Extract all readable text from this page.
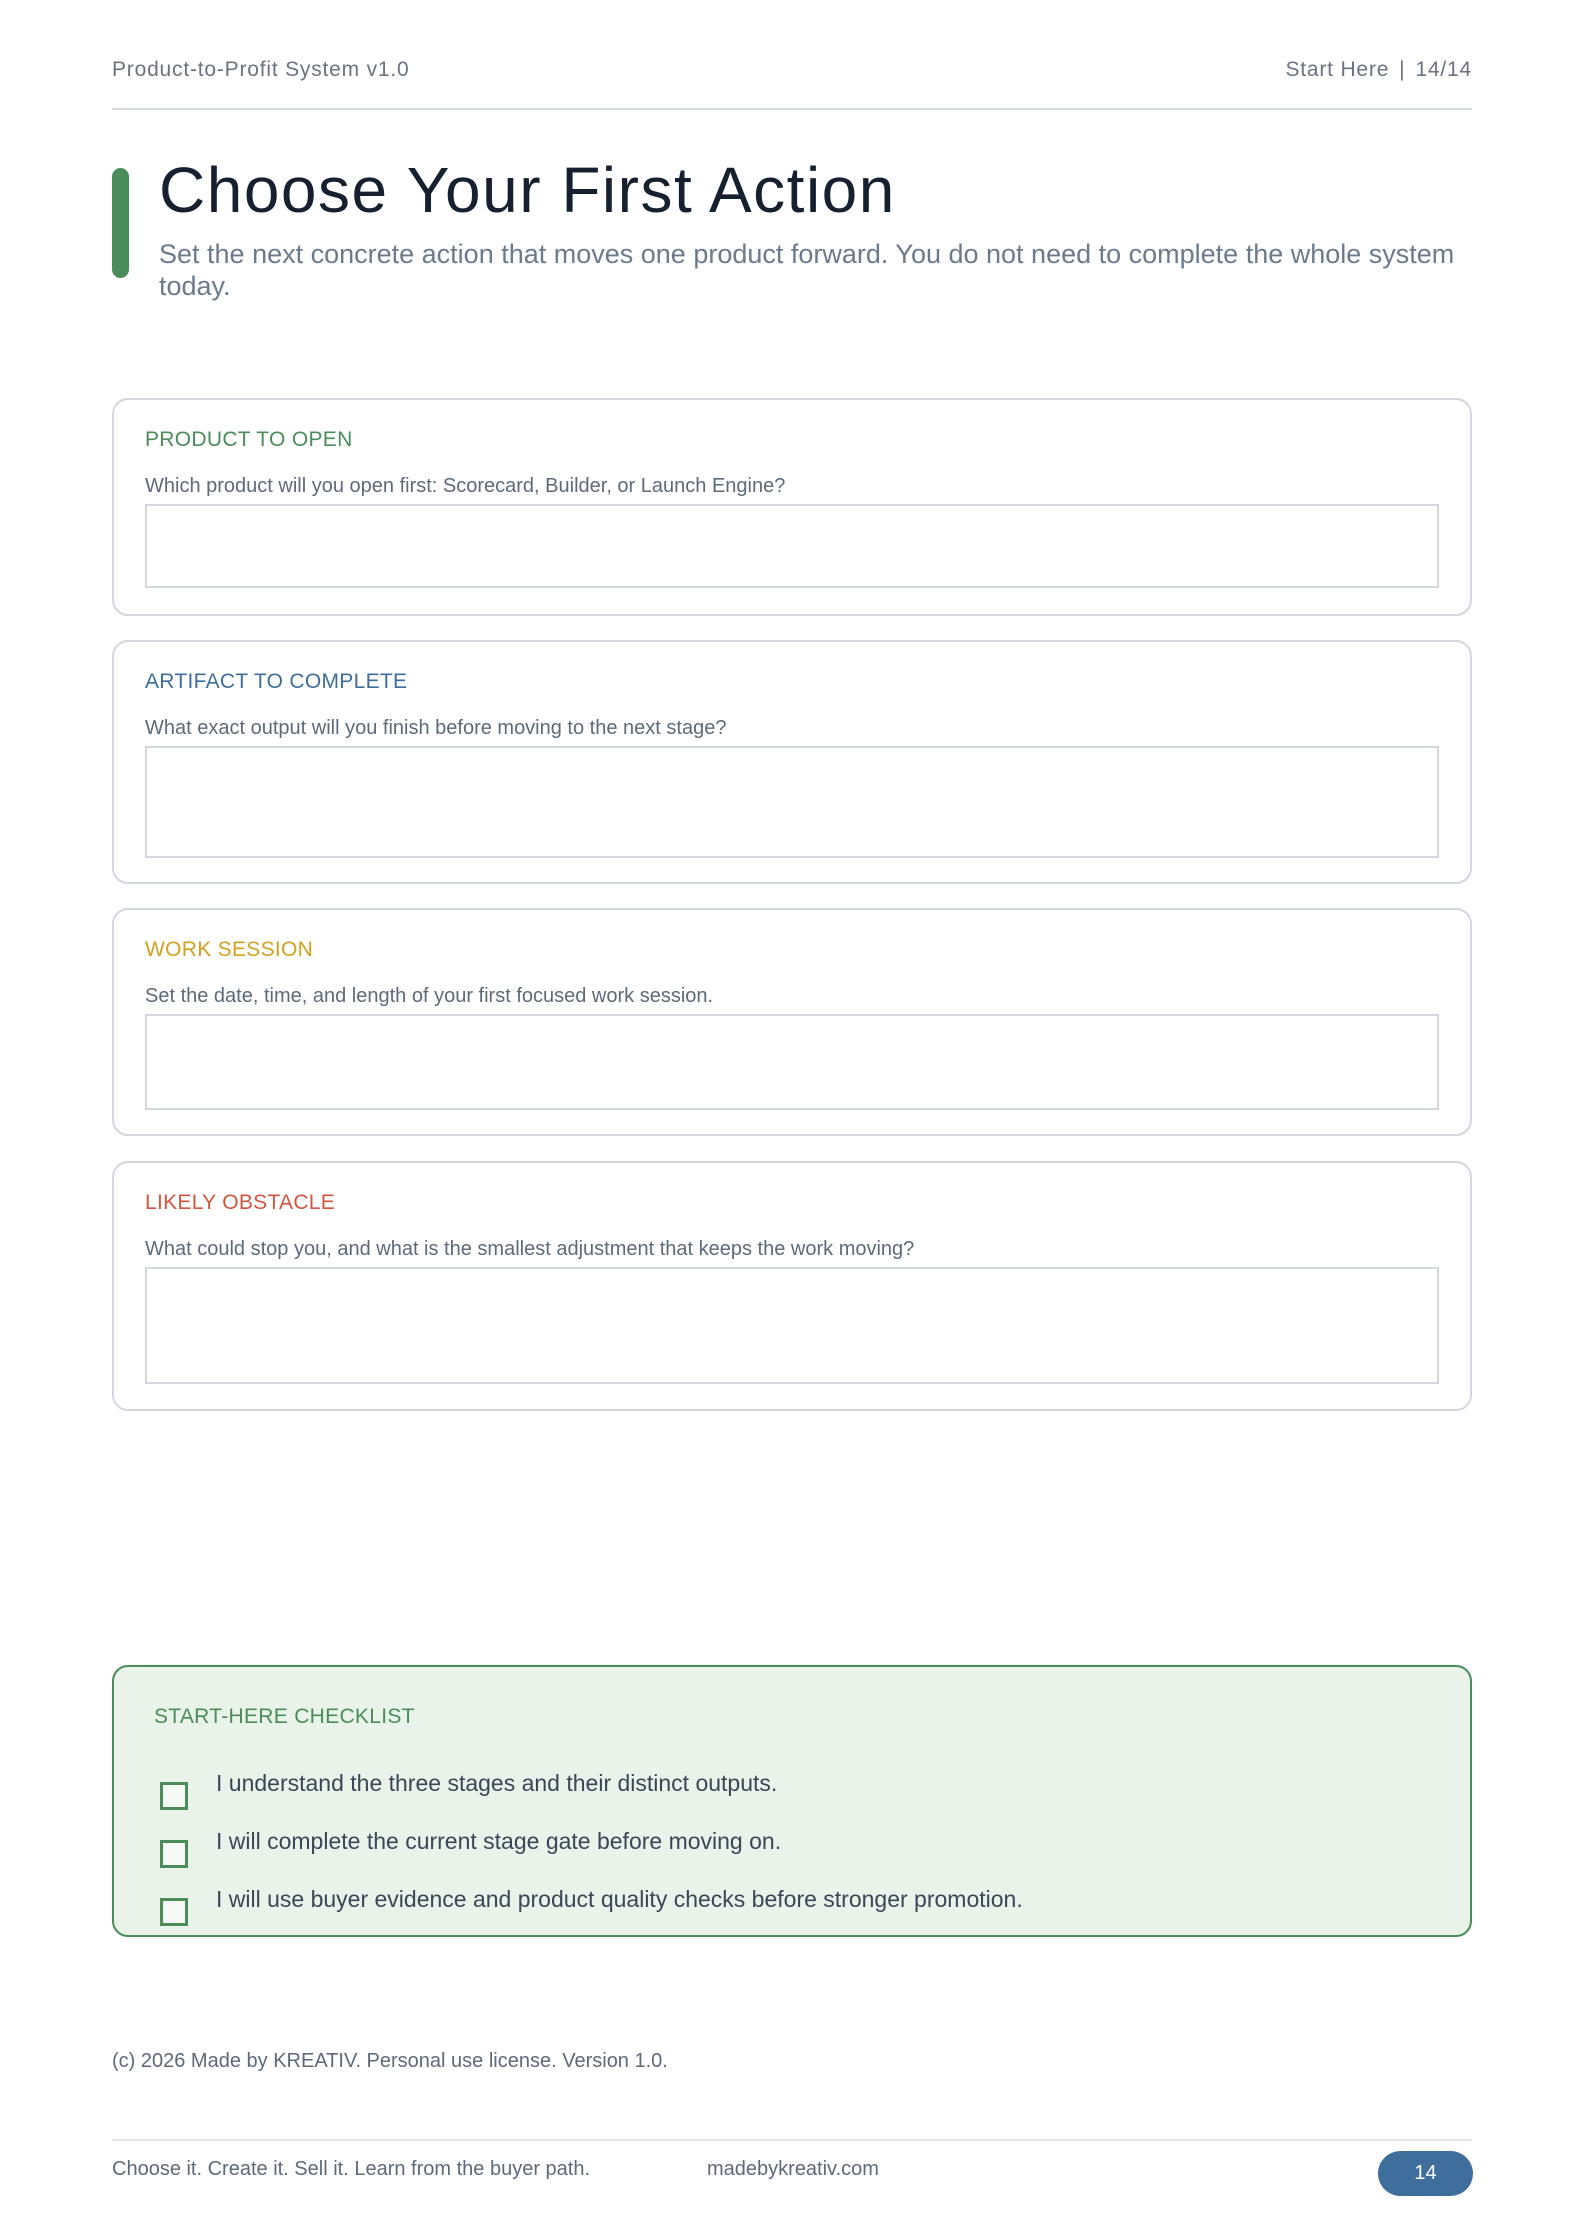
Product-to-Profit System v1.0	Start Here | 14/14
Choose Your First Action

Set the next concrete action that moves one product forward. You do not need to complete the whole system today.

PRODUCT TO OPEN
Which product will you open first: Scorecard, Builder, or Launch Engine?
ARTIFACT TO COMPLETE
What exact output will you finish before moving to the next stage?
WORK SESSION
Set the date, time, and length of your first focused work session.
LIKELY OBSTACLE
What could stop you, and what is the smallest adjustment that keeps the work moving?
START-HERE CHECKLIST
I understand the three stages and their distinct outputs.
I will complete the current stage gate before moving on.
I will use buyer evidence and product quality checks before stronger promotion.
(c) 2026 Made by KREATIV. Personal use license. Version 1.0.
Choose it. Create it. Sell it. Learn from the buyer path.	madebykreativ.com	14
